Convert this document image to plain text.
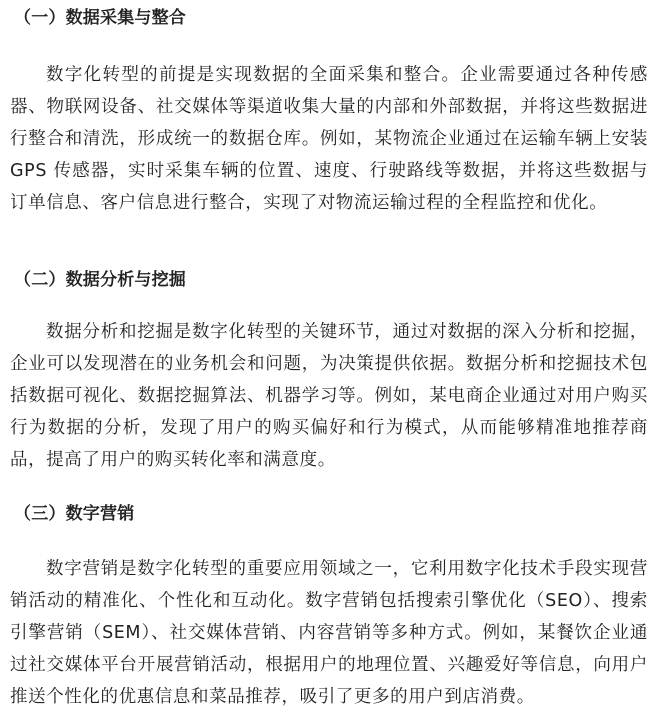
（一）数据采集与整合
数字化转型的前提是实现数据的全面采集和整合。企业需要通过各种传感器、物联网设备、社交媒体等渠道收集大量的内部和外部数据，并将这些数据进行整合和清洗，形成统一的数据仓库。例如，某物流企业通过在运输车辆上安装 GPS 传感器，实时采集车辆的位置、速度、行驶路线等数据，并将这些数据与订单信息、客户信息进行整合，实现了对物流运输过程的全程监控和优化。
（二）数据分析与挖掘
数据分析和挖掘是数字化转型的关键环节，通过对数据的深入分析和挖掘，企业可以发现潜在的业务机会和问题，为决策提供依据。数据分析和挖掘技术包括数据可视化、数据挖掘算法、机器学习等。例如，某电商企业通过对用户购买行为数据的分析，发现了用户的购买偏好和行为模式，从而能够精准地推荐商品，提高了用户的购买转化率和满意度。
（三）数字营销
数字营销是数字化转型的重要应用领域之一，它利用数字化技术手段实现营销活动的精准化、个性化和互动化。数字营销包括搜索引擎优化（SEO）、搜索引擎营销（SEM）、社交媒体营销、内容营销等多种方式。例如，某餐饮企业通过社交媒体平台开展营销活动，根据用户的地理位置、兴趣爱好等信息，向用户推送个性化的优惠信息和菜品推荐，吸引了更多的用户到店消费。
